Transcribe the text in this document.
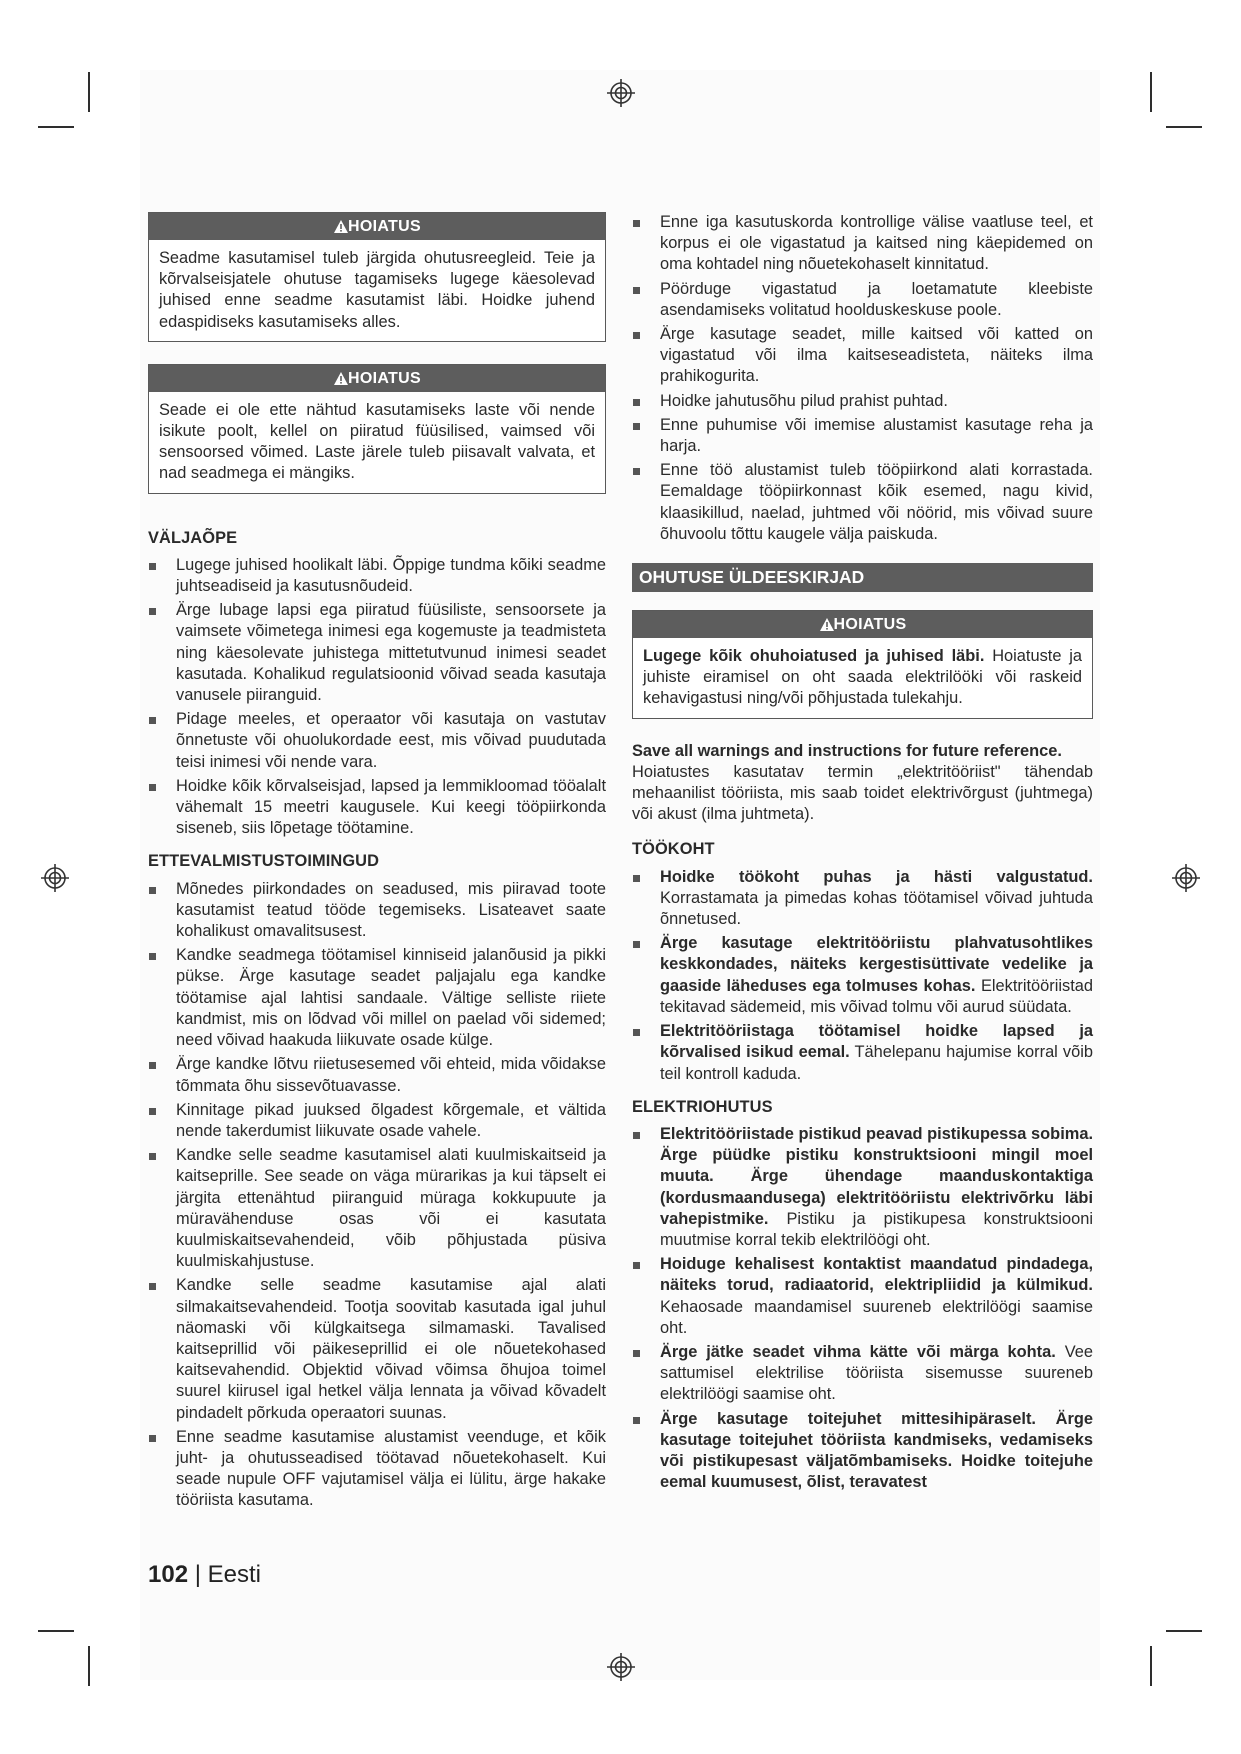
HOIATUS
Seadme kasutamisel tuleb järgida ohutusreegleid. Teie ja kõrvalseisjatele ohutuse tagamiseks lugege käesolevad juhised enne seadme kasutamist läbi. Hoidke juhend edaspidiseks kasutamiseks alles.
HOIATUS
Seade ei ole ette nähtud kasutamiseks laste või nende isikute poolt, kellel on piiratud füüsilised, vaimsed või sensoorsed võimed. Laste järele tuleb piisavalt valvata, et nad seadmega ei mängiks.
VÄLJAÕPE
Lugege juhised hoolikalt läbi. Õppige tundma kõiki seadme juhtseadiseid ja kasutusnõudeid.
Ärge lubage lapsi ega piiratud füüsiliste, sensoorsete ja vaimsete võimetega inimesi ega kogemuste ja teadmisteta ning käesolevate juhistega mittetutvunud inimesi seadet kasutada. Kohalikud regulatsioonid võivad seada kasutaja vanusele piiranguid.
Pidage meeles, et operaator või kasutaja on vastutav õnnetuste või ohuolukordade eest, mis võivad puudutada teisi inimesi või nende vara.
Hoidke kõik kõrvalseisjad, lapsed ja lemmikloomad tööalalt vähemalt 15 meetri kaugusele. Kui keegi tööpiirkonda siseneb, siis lõpetage töötamine.
ETTEVALMISTUSTOIMINGUD
Mõnedes piirkondades on seadused, mis piiravad toote kasutamist teatud tööde tegemiseks. Lisateavet saate kohalikust omavalitsusest.
Kandke seadmega töötamisel kinniseid jalanõusid ja pikki pükse. Ärge kasutage seadet paljajalu ega kandke töötamise ajal lahtisi sandaale. Vältige selliste riiete kandmist, mis on lõdvad või millel on paelad või sidemed; need võivad haakuda liikuvate osade külge.
Ärge kandke lõtvu riietusesemed või ehteid, mida võidakse tõmmata õhu sissevõtuavasse.
Kinnitage pikad juuksed õlgadest kõrgemale, et vältida nende takerdumist liikuvate osade vahele.
Kandke selle seadme kasutamisel alati kuulmiskaitseid ja kaitseprille. See seade on väga mürarikas ja kui täpselt ei järgita ettenähtud piiranguid müraga kokkupuute ja müravähenduse osas või ei kasutata kuulmiskaitsevahendeid, võib põhjustada püsiva kuulmiskahjustuse.
Kandke selle seadme kasutamise ajal alati silmakaitsevahendeid. Tootja soovitab kasutada igal juhul näomaski või külgkaitsega silmamaski. Tavalised kaitseprillid või päikeseprillid ei ole nõuetekohased kaitsevahendid. Objektid võivad võimsa õhujoa toimel suurel kiirusel igal hetkel välja lennata ja võivad kõvadelt pindadelt põrkuda operaatori suunas.
Enne seadme kasutamise alustamist veenduge, et kõik juht- ja ohutusseadised töötavad nõuetekohaselt. Kui seade nupule OFF vajutamisel välja ei lülitu, ärge hakake tööriista kasutama.
Enne iga kasutuskorda kontrollige välise vaatluse teel, et korpus ei ole vigastatud ja kaitsed ning käepidemed on oma kohtadel ning nõuetekohaselt kinnitatud.
Pöörduge vigastatud ja loetamatute kleebiste asendamiseks volitatud hoolduskeskuse poole.
Ärge kasutage seadet, mille kaitsed või katted on vigastatud või ilma kaitseseadisteta, näiteks ilma prahikogurita.
Hoidke jahutusõhu pilud prahist puhtad.
Enne puhumise või imemise alustamist kasutage reha ja harja.
Enne töö alustamist tuleb tööpiirkond alati korrastada. Eemaldage tööpiirkonnast kõik esemed, nagu kivid, klaasikillud, naelad, juhtmed või nöörid, mis võivad suure õhuvoolu tõttu kaugele välja paiskuda.
OHUTUSE ÜLDEESKIRJAD
HOIATUS
Lugege kõik ohuhoiatused ja juhised läbi. Hoiatuste ja juhiste eiramisel on oht saada elektrilööki või raskeid kehavigastusi ning/või põhjustada tulekahju.
Save all warnings and instructions for future reference.
Hoiatustes kasutatav termin „elektritööriist" tähendab mehaanilist tööriista, mis saab toidet elektrivõrgust (juhtmega) või akust (ilma juhtmeta).
TÖÖKOHT
Hoidke töökoht puhas ja hästi valgustatud. Korrastamata ja pimedas kohas töötamisel võivad juhtuda õnnetused.
Ärge kasutage elektritööriistu plahvatusohtlikes keskkondades, näiteks kergestisüttivate vedelike ja gaaside läheduses ega tolmuses kohas. Elektritööriistad tekitavad sädemeid, mis võivad tolmu või aurud süüdata.
Elektritööriistaga töötamisel hoidke lapsed ja kõrvalised isikud eemal. Tähelepanu hajumise korral võib teil kontroll kaduda.
ELEKTRIOHUTUS
Elektritööriistade pistikud peavad pistikupessa sobima. Ärge püüdke pistiku konstruktsiooni mingil moel muuta. Ärge ühendage maanduskontaktiga (kordusmaandusega) elektritööriistu elektrivõrku läbi vahepistmike. Pistiku ja pistikupesa konstruktsiooni muutmise korral tekib elektrilöögi oht.
Hoiduge kehalisest kontaktist maandatud pindadega, näiteks torud, radiaatorid, elektripliidid ja külmikud. Kehaosade maandamisel suureneb elektrilöögi saamise oht.
Ärge jätke seadet vihma kätte või märga kohta. Vee sattumisel elektrilise tööriista sisemusse suureneb elektrilöögi saamise oht.
Ärge kasutage toitejuhet mittesihipäraselt. Ärge kasutage toitejuhet tööriista kandmiseks, vedamiseks või pistikupesast väljatõmbamiseks. Hoidke toitejuhe eemal kuumusest, õlist, teravatest
102 | Eesti
